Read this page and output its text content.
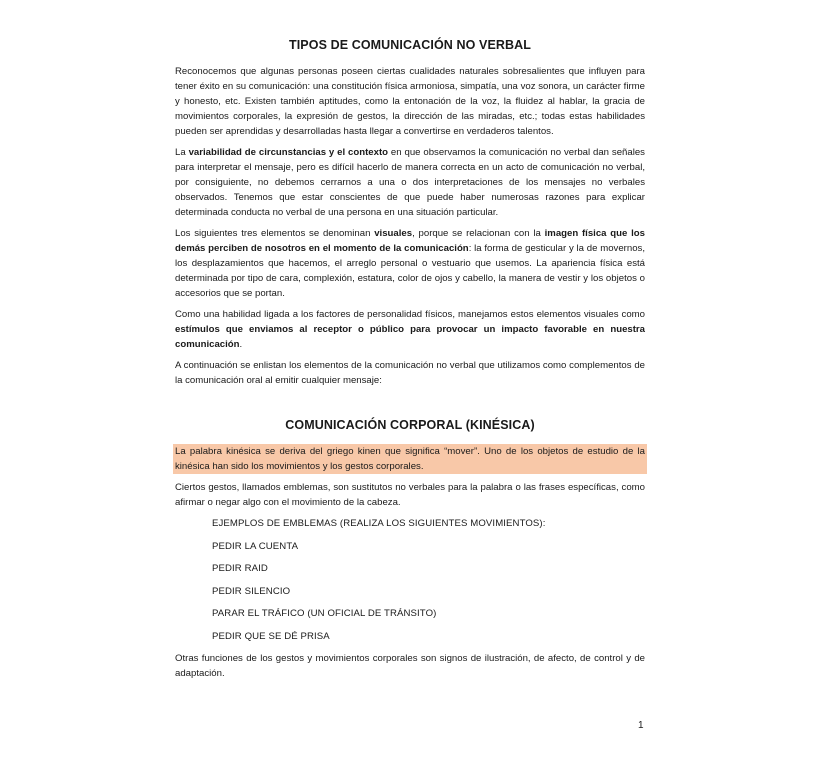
TIPOS DE COMUNICACIÓN NO VERBAL

Reconocemos que algunas personas poseen ciertas cualidades naturales sobresalientes que influyen para tener éxito en su comunicación: una constitución física armoniosa, simpatía, una voz sonora, un carácter firme y honesto, etc. Existen también aptitudes, como la entonación de la voz, la fluidez al hablar, la gracia de movimientos corporales, la expresión de gestos, la dirección de las miradas, etc.; todas estas habilidades pueden ser aprendidas y desarrolladas hasta llegar a convertirse en verdaderos talentos.

La variabilidad de circunstancias y el contexto en que observamos la comunicación no verbal dan señales para interpretar el mensaje, pero es difícil hacerlo de manera correcta en un acto de comunicación no verbal, por consiguiente, no debemos cerrarnos a una o dos interpretaciones de los mensajes no verbales observados. Tenemos que estar conscientes de que puede haber numerosas razones para explicar determinada conducta no verbal de una persona en una situación particular.

Los siguientes tres elementos se denominan visuales, porque se relacionan con la imagen física que los demás perciben de nosotros en el momento de la comunicación: la forma de gesticular y la de movernos, los desplazamientos que hacemos, el arreglo personal o vestuario que usemos. La apariencia física está determinada por tipo de cara, complexión, estatura, color de ojos y cabello, la manera de vestir y los objetos o accesorios que se portan.

Como una habilidad ligada a los factores de personalidad físicos, manejamos estos elementos visuales como estímulos que enviamos al receptor o público para provocar un impacto favorable en nuestra comunicación.

A continuación se enlistan los elementos de la comunicación no verbal que utilizamos como complementos de la comunicación oral al emitir cualquier mensaje:

COMUNICACIÓN CORPORAL (KINÉSICA)

La palabra kinésica se deriva del griego kinen que significa “mover”. Uno de los objetos de estudio de la kinésica han sido los movimientos y los gestos corporales.

Ciertos gestos, llamados emblemas, son sustitutos no verbales para la palabra o las frases específicas, como afirmar o negar algo con el movimiento de la cabeza.

EJEMPLOS DE EMBLEMAS (REALIZA LOS SIGUIENTES MOVIMIENTOS):
PEDIR LA CUENTA
PEDIR RAID
PEDIR SILENCIO
PARAR EL TRÁFICO (UN OFICIAL DE TRÁNSITO)
PEDIR QUE SE DÉ PRISA

Otras funciones de los gestos y movimientos corporales son signos de ilustración, de afecto, de control y de adaptación.

1
